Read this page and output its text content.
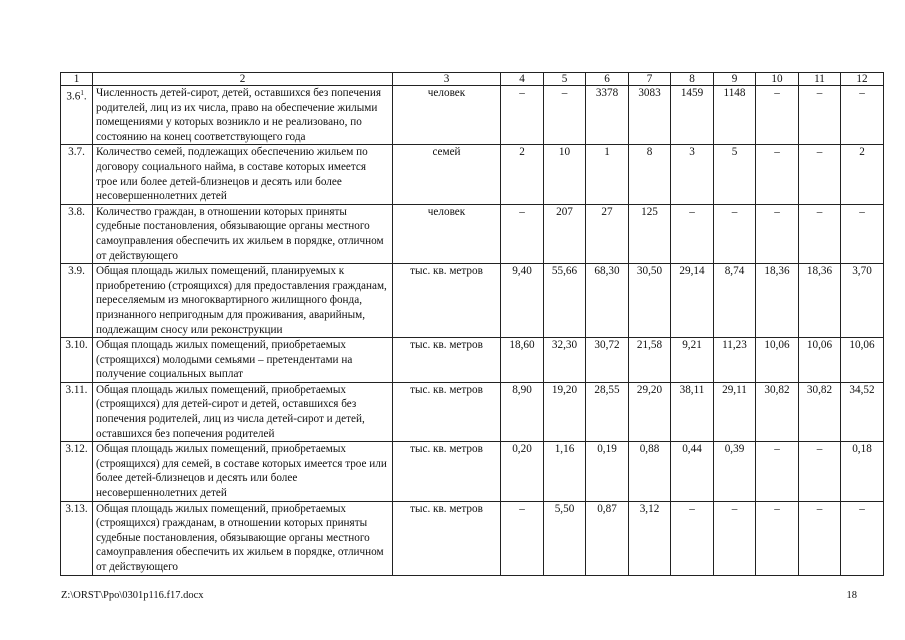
1	2	3	4	5	6	7	8	9	10	11	12
$3.6^1$.	Численность детей-сирот, детей, оставшихся без попечения родителей, лиц из их числа, право на обеспечение жилыми помещениями у которых возникло и не реализовано, по состоянию на конец соответствующего года	человек	–	–	3378	3083	1459	1148	–	–	–
3.7.	Количество семей, подлежащих обеспечению жильем по договору социального найма, в составе которых имеется трое или более детей-близнецов и десять или более несовершеннолетних детей	семей	2	10	1	8	3	5	–	–	2
3.8.	Количество граждан, в отношении которых приняты судебные постановления, обязывающие органы местного самоуправления обеспечить их жильем в порядке, отличном от действующего	человек	–	207	27	125	–	–	–	–	–
3.9.	Общая площадь жилых помещений, планируемых к приобретению (строящихся) для предоставления гражданам, переселяемым из многоквартирного жилищного фонда, признанного непригодным для проживания, аварийным, подлежащим сносу или реконструкции	тыс. кв. метров	9,40	55,66	68,30	30,50	29,14	8,74	18,36	18,36	3,70
3.10.	Общая площадь жилых помещений, приобретаемых (строящихся) молодыми семьями – претендентами на получение социальных выплат	тыс. кв. метров	18,60	32,30	30,72	21,58	9,21	11,23	10,06	10,06	10,06
3.11.	Общая площадь жилых помещений, приобретаемых (строящихся) для детей-сирот и детей, оставшихся без попечения родителей, лиц из числа детей-сирот и детей, оставшихся без попечения родителей	тыс. кв. метров	8,90	19,20	28,55	29,20	38,11	29,11	30,82	30,82	34,52
3.12.	Общая площадь жилых помещений, приобретаемых (строящихся) для семей, в составе которых имеется трое или более детей-близнецов и десять или более несовершеннолетних детей	тыс. кв. метров	0,20	1,16	0,19	0,88	0,44	0,39	–	–	0,18
3.13.	Общая площадь жилых помещений, приобретаемых (строящихся) гражданам, в отношении которых приняты судебные постановления, обязывающие органы местного самоуправления обеспечить их жильем в порядке, отличном от действующего	тыс. кв. метров	–	5,50	0,87	3,12	–	–	–	–	–
Z:\ORST\Ppo\0301p116.f17.docx	18
